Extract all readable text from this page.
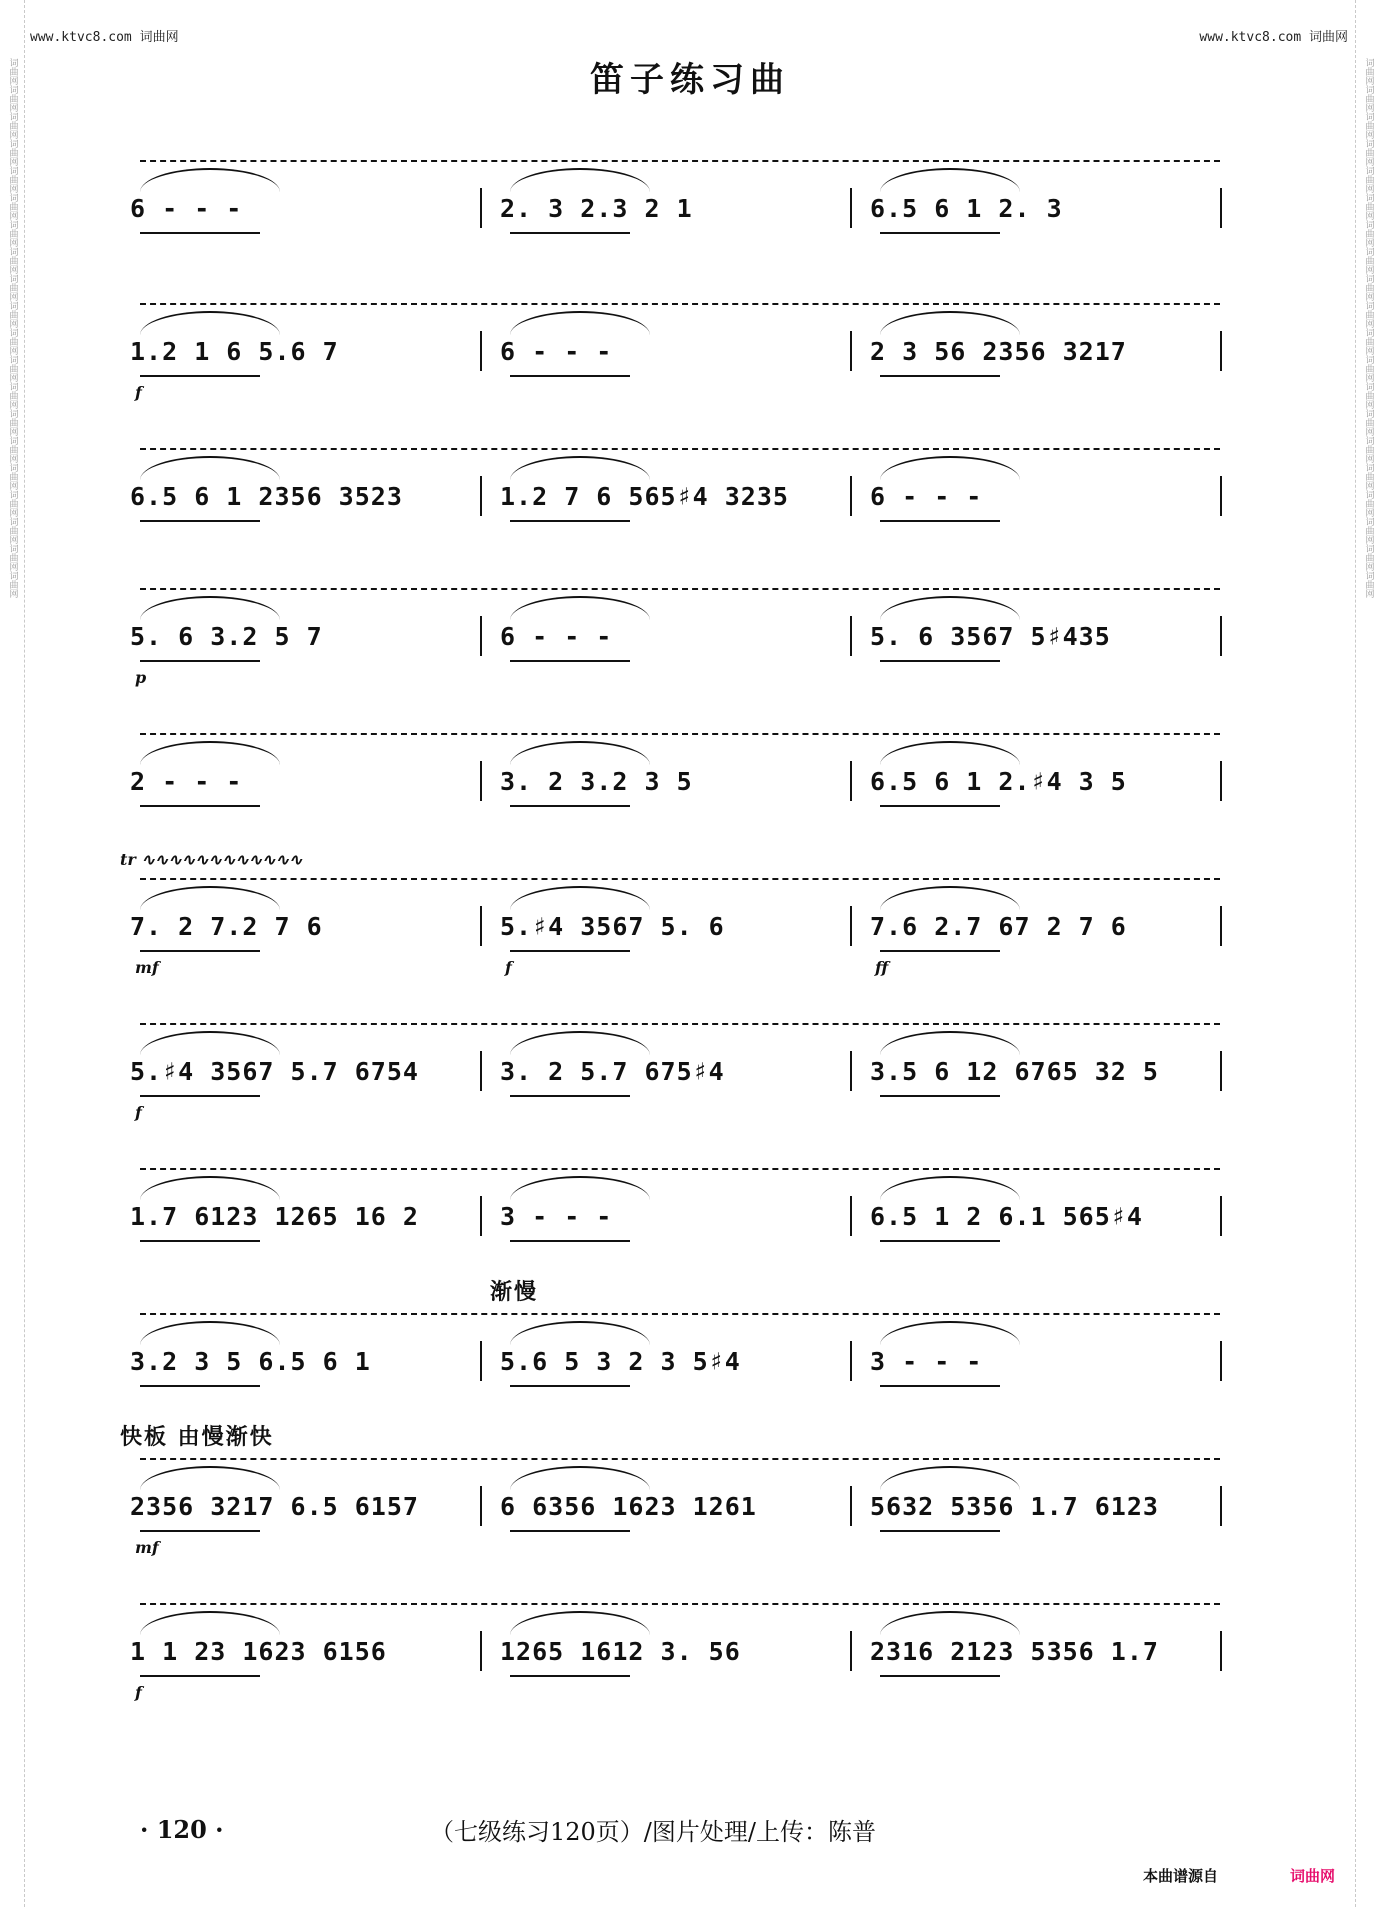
词曲网词曲网词曲网词曲网词曲网词曲网词曲网词曲网词曲网词曲网词曲网词曲网词曲网词曲网词曲网词曲网词曲网词曲网词曲网词曲网	词曲网词曲网词曲网词曲网词曲网词曲网词曲网词曲网词曲网词曲网词曲网词曲网词曲网词曲网词曲网词曲网词曲网词曲网词曲网词曲网
www.ktvc8.com 词曲网	www.ktvc8.com 词曲网
笛子练习曲
6 - - -	2. 3 2.3 2 1	6.5 6 1 2. 3
1.2 1 6 5.6 7	6 - - -	2 3 56 2356 3217
f
6.5 6 1 2356 3523	1.2 7 6 565♯4 3235	6 - - -
5. 6 3.2 5 7	6 - - -	5. 6 3567 5♯435
p
2 - - -	3. 2 3.2 3 5	6.5 6 1 2.♯4 3 5
7. 2 7.2 7 6	5.♯4 3567 5. 6	7.6 2.7 67 2 7 6
mf	f	ff
tr ∿∿∿∿∿∿∿∿∿∿∿∿
5.♯4 3567 5.7 6754	3. 2 5.7 675♯4	3.5 6 12 6765 32 5
f
1.7 6123 1265 16 2	3 - - -	6.5 1 2 6.1 565♯4
3.2 3 5 6.5 6 1	5.6 5 3 2 3 5♯4	3 - - -
渐慢
2356 3217 6.5 6157	6 6356 1623 1261	5632 5356 1.7 6123
mf
快板 由慢渐快
1 1 23 1623 6156	1265 1612 3. 56	2316 2123 5356 1.7
f
· 120 ·	（七级练习120页）/图片处理/上传：陈普
本曲谱源自	词曲网
